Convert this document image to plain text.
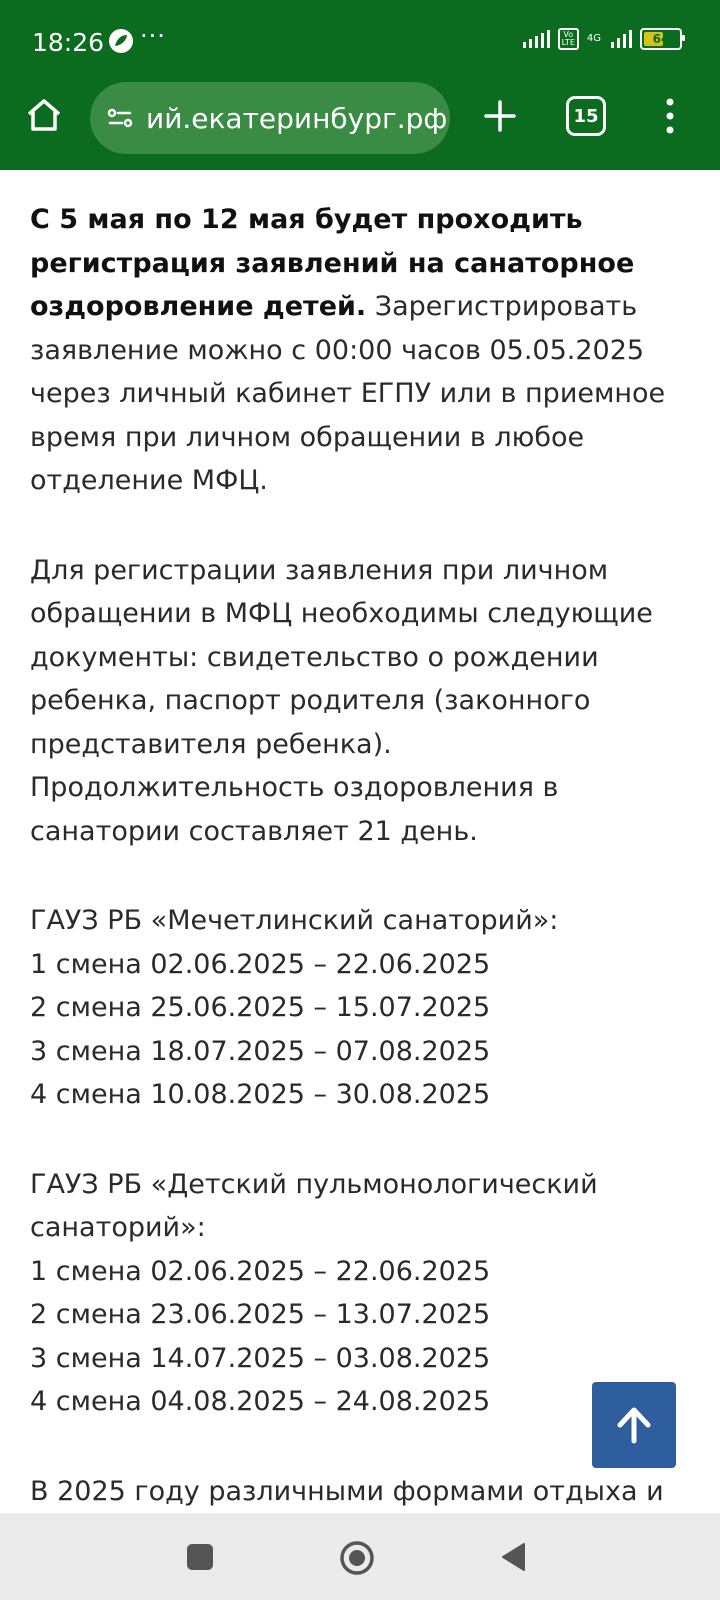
18:26 ···	Vo
LTE	4G	64
ий.екатеринбург.рф	15

С 5 мая по 12 мая будет проходить регистрация заявлений на санаторное оздоровление детей. Зарегистрировать заявление можно с 00:00 часов 05.05.2025 через личный кабинет ЕГПУ или в приемное время при личном обращении в любое отделение МФЦ.

Для регистрации заявления при личном обращении в МФЦ необходимы следующие документы: свидетельство о рождении ребенка, паспорт родителя (законного представителя ребенка).
Продолжительность оздоровления в санатории составляет 21 день.

ГАУЗ РБ «Мечетлинский санаторий»:
1 смена 02.06.2025 – 22.06.2025
2 смена 25.06.2025 – 15.07.2025
3 смена 18.07.2025 – 07.08.2025
4 смена 10.08.2025 – 30.08.2025

ГАУЗ РБ «Детский пульмонологический санаторий»:
1 смена 02.06.2025 – 22.06.2025
2 смена 23.06.2025 – 13.07.2025
3 смена 14.07.2025 – 03.08.2025
4 смена 04.08.2025 – 24.08.2025

В 2025 году различными формами отдыха и
